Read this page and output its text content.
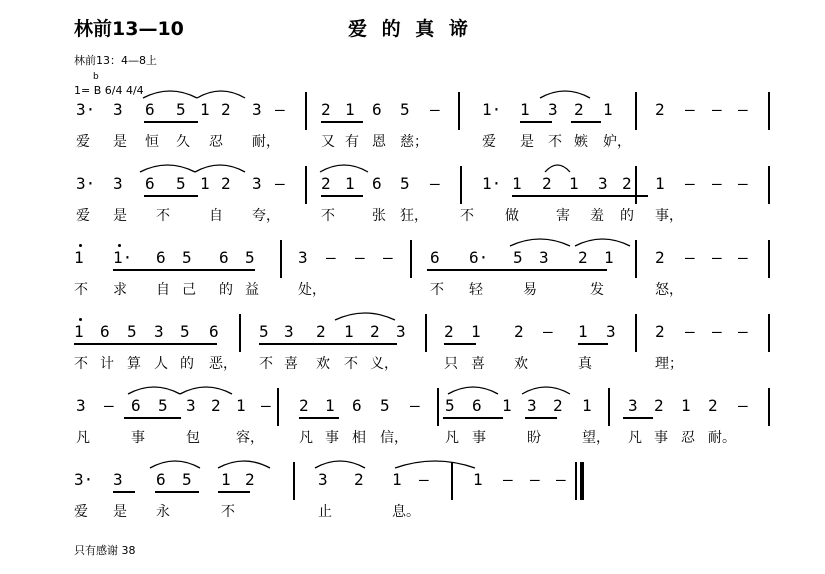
林前13—10	爱 的 真 谛
林前13：4—8上
b
1= B 6/4 4/4
3· 3 6 5 1 2 3 – 2 1 6 5 –	1· 1 3 2 1	2 – – –
爱 是 恒 久 忍 耐，	又 有 恩 慈；	爱 是 不 嫉 妒，
3· 3 6 5 1 2 3 – 2 1 6 5 –	1· 1 2 1 3 2 1 – – –
爱 是 不	自 夸，	不	张 狂， 不 做	害 羞 的 事，
1 1· 6 5 6 5	3 – – – 6 6· 5 3 2 1	2 – – –
不 求 自 己 的 益	处，	不 轻	易	发	怒，
1 6 5 3 5 6	5 3 2 1 2 3 2 1 2 – 1 3 2 – – –
不 计 算 人 的 恶， 不 喜 欢 不 义，	只 喜 欢	真	理；
3 – 6 5 3 2 1 – 2 1 6 5 – 5 6 1 3 2 1 3 2 1 2 –
凡	事	包	容，	凡 事 相 信，	凡 事	盼	望， 凡 事 忍 耐。
3· 3 6 5 1 2	3 2 1 –	1 – – –
爱 是 永	不	止	息。
只有感谢 38
